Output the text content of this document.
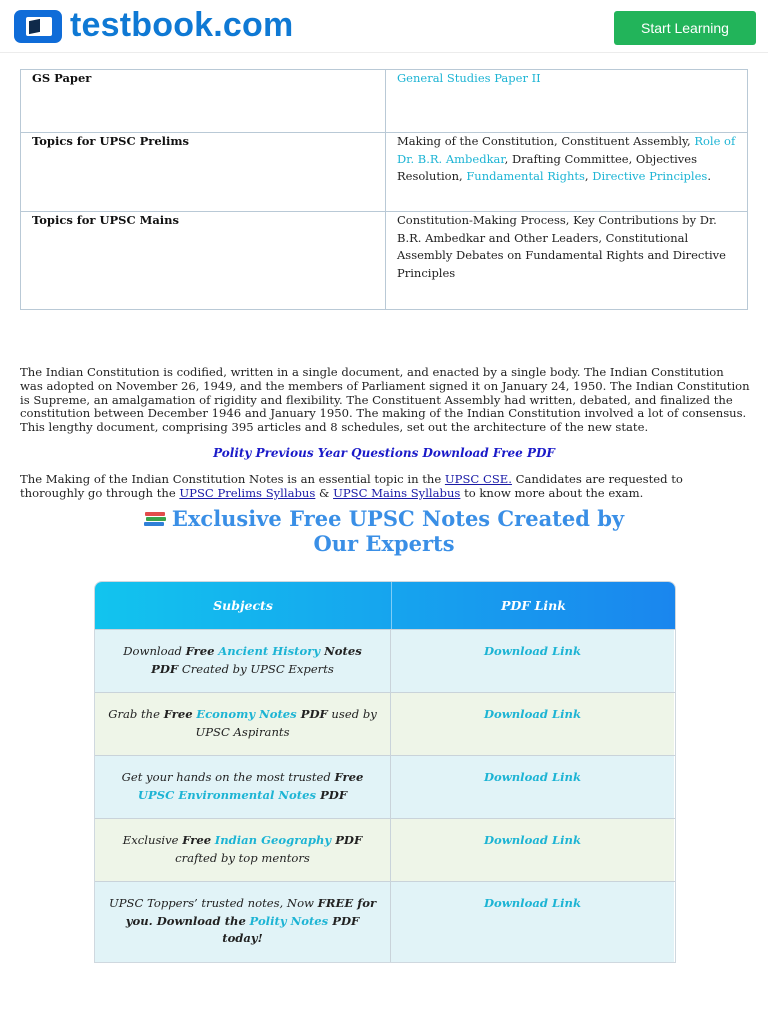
testbook.com	Start Learning
GS Paper	General Studies Paper II
Topics for UPSC Prelims	Making of the Constitution, Constituent Assembly, Role of Dr. B.R. Ambedkar, Drafting Committee, Objectives Resolution, Fundamental Rights, Directive Principles.
Topics for UPSC Mains	Constitution-Making Process, Key Contributions by Dr. B.R. Ambedkar and Other Leaders, Constitutional Assembly Debates on Fundamental Rights and Directive Principles

The Indian Constitution is codified, written in a single document, and enacted by a single body. The Indian Constitution was adopted on November 26, 1949, and the members of Parliament signed it on January 24, 1950. The Indian Constitution is Supreme, an amalgamation of rigidity and flexibility. The Constituent Assembly had written, debated, and finalized the constitution between December 1946 and January 1950. The making of the Indian Constitution involved a lot of consensus. This lengthy document, comprising 395 articles and 8 schedules, set out the architecture of the new state.

Polity Previous Year Questions Download Free PDF

The Making of the Indian Constitution Notes is an essential topic in the UPSC CSE. Candidates are requested to thoroughly go through the UPSC Prelims Syllabus & UPSC Mains Syllabus to know more about the exam.

Exclusive Free UPSC Notes Created by Our Experts
Subjects	PDF Link
Download Free Ancient History Notes
PDF Created by UPSC Experts
Download Link
Grab the Free Economy Notes PDF used by UPSC Aspirants
Download Link
Get your hands on the most trusted Free UPSC Environmental Notes PDF
Download Link
Exclusive Free Indian Geography PDF
crafted by top mentors
Download Link
UPSC Toppers’ trusted notes, Now FREE for you. Download the Polity Notes PDF today!
Download Link
